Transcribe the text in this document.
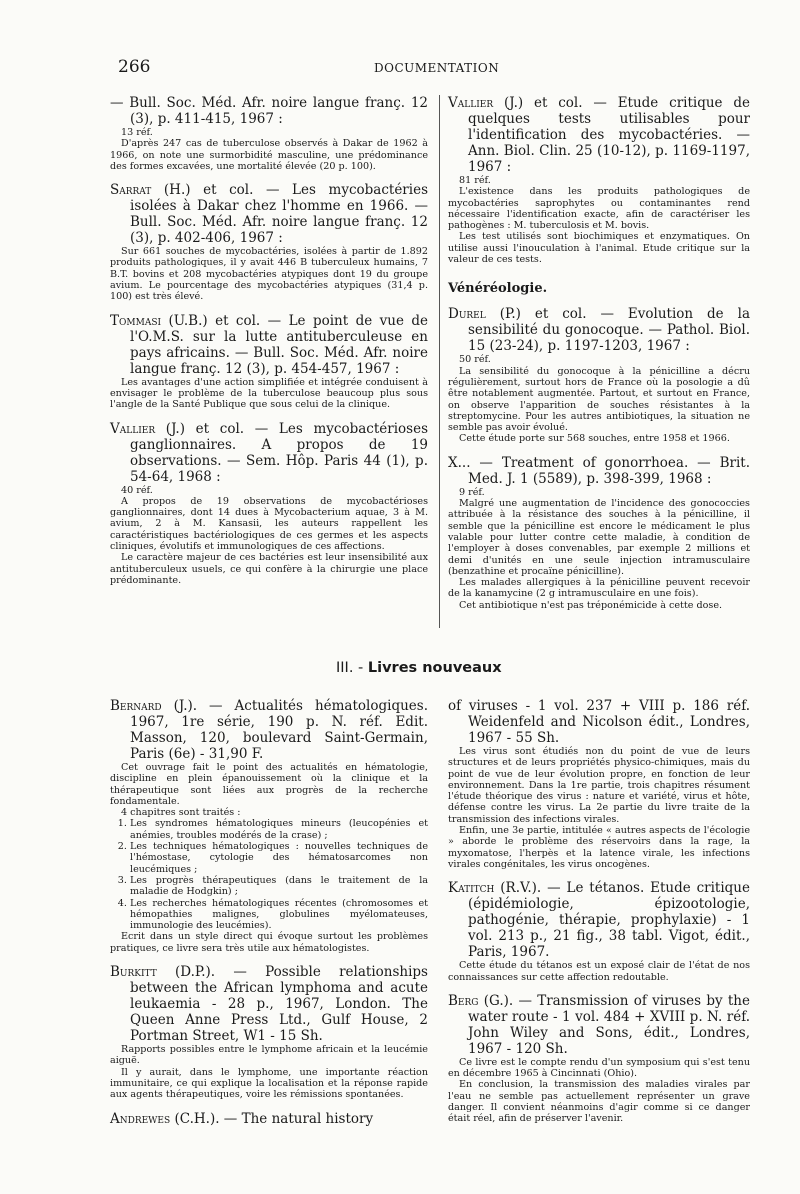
266	DOCUMENTATION
— Bull. Soc. Méd. Afr. noire langue franç. 12 (3), p. 411-415, 1967 :

13 réf.

D'après 247 cas de tuberculose observés à Dakar de 1962 à 1966, on note une surmorbidité masculine, une prédominance des formes excavées, une mortalité élevée (20 p. 100).

Sarrat (H.) et col. — Les mycobactéries isolées à Dakar chez l'homme en 1966. — Bull. Soc. Méd. Afr. noire langue franç. 12 (3), p. 402-406, 1967 :

Sur 661 souches de mycobactéries, isolées à partir de 1.892 produits pathologiques, il y avait 446 B tuberculeux humains, 7 B.T. bovins et 208 mycobactéries atypiques dont 19 du groupe avium. Le pourcentage des mycobactéries atypiques (31,4 p. 100) est très élevé.

Tommasi (U.B.) et col. — Le point de vue de l'O.M.S. sur la lutte antituberculeuse en pays africains. — Bull. Soc. Méd. Afr. noire langue franç. 12 (3), p. 454-457, 1967 :

Les avantages d'une action simplifiée et intégrée conduisent à envisager le problème de la tuberculose beaucoup plus sous l'angle de la Santé Publique que sous celui de la clinique.

Vallier (J.) et col. — Les mycobactérioses ganglionnaires. A propos de 19 observations. — Sem. Hôp. Paris 44 (1), p. 54-64, 1968 :

40 réf.

A propos de 19 observations de mycobactérioses ganglionnaires, dont 14 dues à Mycobacterium aquae, 3 à M. avium, 2 à M. Kansasii, les auteurs rappellent les caractéristiques bactériologiques de ces germes et les aspects cliniques, évolutifs et immunologiques de ces affections.

Le caractère majeur de ces bactéries est leur insensibilité aux antituberculeux usuels, ce qui confère à la chirurgie une place prédominante.

Vallier (J.) et col. — Etude critique de quelques tests utilisables pour l'identification des mycobactéries. — Ann. Biol. Clin. 25 (10-12), p. 1169-1197, 1967 :

81 réf.

L'existence dans les produits pathologiques de mycobactéries saprophytes ou contaminantes rend nécessaire l'identification exacte, afin de caractériser les pathogènes : M. tuberculosis et M. bovis.

Les test utilisés sont biochimiques et enzymatiques. On utilise aussi l'inouculation à l'animal. Etude critique sur la valeur de ces tests.

Vénéréologie.
Durel (P.) et col. — Evolution de la sensibilité du gonocoque. — Pathol. Biol. 15 (23-24), p. 1197-1203, 1967 :

50 réf.

La sensibilité du gonocoque à la pénicilline a décru régulièrement, surtout hors de France où la posologie a dû être notablement augmentée. Partout, et surtout en France, on observe l'apparition de souches résistantes à la streptomycine. Pour les autres antibiotiques, la situation ne semble pas avoir évolué.

Cette étude porte sur 568 souches, entre 1958 et 1966.

X... — Treatment of gonorrhoea. — Brit. Med. J. 1 (5589), p. 398-399, 1968 :

9 réf.

Malgré une augmentation de l'incidence des gonococcies attribuée à la résistance des souches à la pénicilline, il semble que la pénicilline est encore le médicament le plus valable pour lutter contre cette maladie, à condition de l'employer à doses convenables, par exemple 2 millions et demi d'unités en une seule injection intramusculaire (benzathine et procaïne pénicilline).

Les malades allergiques à la pénicilline peuvent recevoir de la kanamycine (2 g intramusculaire en une fois).

Cet antibiotique n'est pas tréponémicide à cette dose.

III. - Livres nouveaux
Bernard (J.). — Actualités hématologiques. 1967, 1re série, 190 p. N. réf. Edit. Masson, 120, boulevard Saint-Germain, Paris (6e) - 31,90 F.

Cet ouvrage fait le point des actualités en hématologie, discipline en plein épanouissement où la clinique et la thérapeutique sont liées aux progrès de la recherche fondamentale.

4 chapitres sont traités :

1. Les syndromes hématologiques mineurs (leucopénies et anémies, troubles modérés de la crase) ;
2. Les techniques hématologiques : nouvelles techniques de l'hémostase, cytologie des hématosarcomes non leucémiques ;
3. Les progrès thérapeutiques (dans le traitement de la maladie de Hodgkin) ;
4. Les recherches hématologiques récentes (chromosomes et hémopathies malignes, globulines myélomateuses, immunologie des leucémies).

Ecrit dans un style direct qui évoque surtout les problèmes pratiques, ce livre sera très utile aux hématologistes.

Burkitt (D.P.). — Possible relationships between the African lymphoma and acute leukaemia - 28 p., 1967, London. The Queen Anne Press Ltd., Gulf House, 2 Portman Street, W1 - 15 Sh.

Rapports possibles entre le lymphome africain et la leucémie aiguë.

Il y aurait, dans le lymphome, une importante réaction immunitaire, ce qui explique la localisation et la réponse rapide aux agents thérapeutiques, voire les rémissions spontanées.

Andrewes (C.H.). — The natural history
of viruses - 1 vol. 237 + VIII p. 186 réf. Weidenfeld and Nicolson édit., Londres, 1967 - 55 Sh.

Les virus sont étudiés non du point de vue de leurs structures et de leurs propriétés physico-chimiques, mais du point de vue de leur évolution propre, en fonction de leur environnement. Dans la 1re partie, trois chapitres résument l'étude théorique des virus : nature et variété, virus et hôte, défense contre les virus. La 2e partie du livre traite de la transmission des infections virales.

Enfin, une 3e partie, intitulée « autres aspects de l'écologie » aborde le problème des réservoirs dans la rage, la myxomatose, l'herpès et la latence virale, les infections virales congénitales, les virus oncogènes.

Katitch (R.V.). — Le tétanos. Etude critique (épidémiologie, épizootologie, pathogénie, thérapie, prophylaxie) - 1 vol. 213 p., 21 fig., 38 tabl. Vigot, édit., Paris, 1967.

Cette étude du tétanos est un exposé clair de l'état de nos connaissances sur cette affection redoutable.

Berg (G.). — Transmission of viruses by the water route - 1 vol. 484 + XVIII p. N. réf. John Wiley and Sons, édit., Londres, 1967 - 120 Sh.

Ce livre est le compte rendu d'un symposium qui s'est tenu en décembre 1965 à Cincinnati (Ohio).

En conclusion, la transmission des maladies virales par l'eau ne semble pas actuellement représenter un grave danger. Il convient néanmoins d'agir comme si ce danger était réel, afin de préserver l'avenir.
